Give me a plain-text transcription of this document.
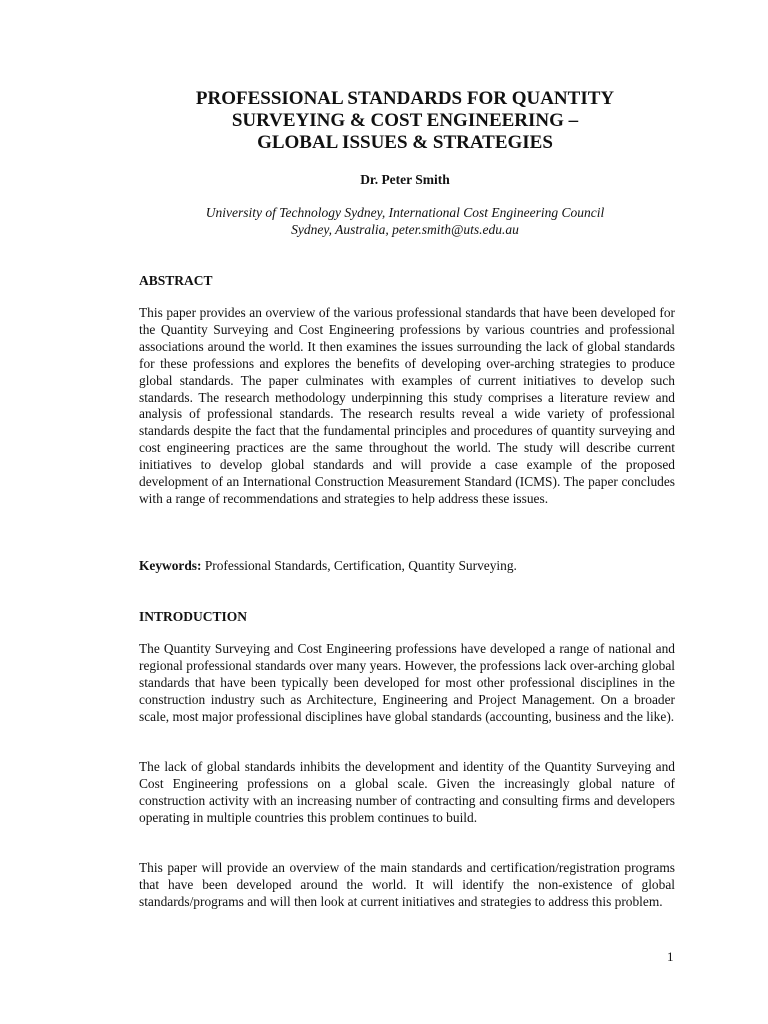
PROFESSIONAL STANDARDS FOR QUANTITY
SURVEYING & COST ENGINEERING –
GLOBAL ISSUES & STRATEGIES

Dr. Peter Smith

University of Technology Sydney, International Cost Engineering Council
Sydney, Australia, peter.smith@uts.edu.au

ABSTRACT

This paper provides an overview of the various professional standards that have been developed for the Quantity Surveying and Cost Engineering professions by various countries and professional associations around the world. It then examines the issues surrounding the lack of global standards for these professions and explores the benefits of developing over-arching strategies to produce global standards. The paper culminates with examples of current initiatives to develop such standards. The research methodology underpinning this study comprises a literature review and analysis of professional standards. The research results reveal a wide variety of professional standards despite the fact that the fundamental principles and procedures of quantity surveying and cost engineering practices are the same throughout the world. The study will describe current initiatives to develop global standards and will provide a case example of the proposed development of an International Construction Measurement Standard (ICMS). The paper concludes with a range of recommendations and strategies to help address these issues.

Keywords: Professional Standards, Certification, Quantity Surveying.

INTRODUCTION

The Quantity Surveying and Cost Engineering professions have developed a range of national and regional professional standards over many years. However, the professions lack over-arching global standards that have been typically been developed for most other professional disciplines in the construction industry such as Architecture, Engineering and Project Management. On a broader scale, most major professional disciplines have global standards (accounting, business and the like).

The lack of global standards inhibits the development and identity of the Quantity Surveying and Cost Engineering professions on a global scale. Given the increasingly global nature of construction activity with an increasing number of contracting and consulting firms and developers operating in multiple countries this problem continues to build.

This paper will provide an overview of the main standards and certification/registration programs that have been developed around the world. It will identify the non-existence of global standards/programs and will then look at current initiatives and strategies to address this problem.

1
